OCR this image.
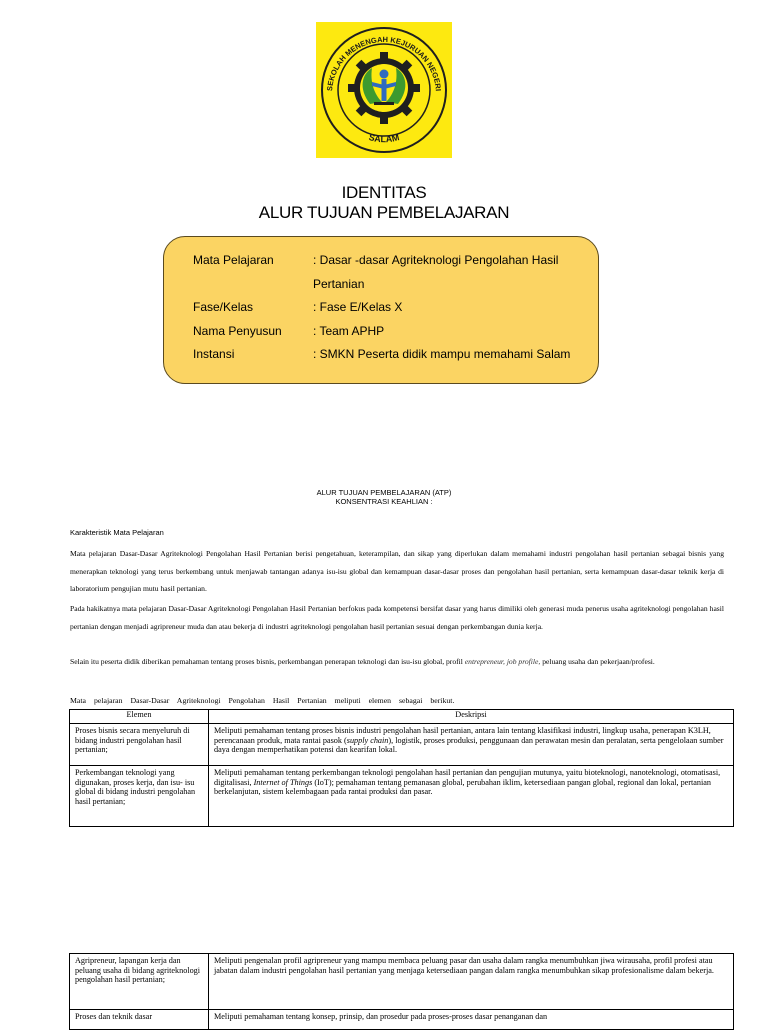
SEKOLAH MENENGAH KEJURUAN NEGERI
SALAM
IDENTITAS
ALUR TUJUAN PEMBELAJARAN
Mata Pelajaran	: Dasar -dasar Agriteknologi Pengolahan Hasil
Pertanian
Fase/Kelas	: Fase E/Kelas X
Nama Penyusun	: Team APHP
Instansi	: SMKN Peserta didik mampu memahami Salam
ALUR TUJUAN PEMBELAJARAN (ATP)
KONSENTRASI KEAHLIAN :
Karakteristik Mata Pelajaran

Mata pelajaran Dasar-Dasar Agriteknologi Pengolahan Hasil Pertanian berisi pengetahuan, keterampilan, dan sikap yang diperlukan dalam memahami industri pengolahan hasil pertanian sebagai bisnis yang menerapkan teknologi yang terus berkembang untuk menjawab tantangan adanya isu-isu global dan kemampuan dasar-dasar proses dan pengolahan hasil pertanian, serta kemampuan dasar-dasar teknik kerja di laboratorium pengujian mutu hasil pertanian.

Pada hakikatnya mata pelajaran Dasar-Dasar Agriteknologi Pengolahan Hasil Pertanian berfokus pada kompetensi bersifat dasar yang harus dimiliki oleh generasi muda penerus usaha agriteknologi pengolahan hasil pertanian dengan menjadi agripreneur muda dan atau bekerja di industri agriteknologi pengolahan hasil pertanian sesuai dengan perkembangan dunia kerja.

Selain itu peserta didik diberikan pemahaman tentang proses bisnis, perkembangan penerapan teknologi dan isu-isu global, profil entrepreneur, job profile, peluang usaha dan pekerjaan/profesi.

Mata pelajaran Dasar-Dasar Agriteknologi Pengolahan Hasil Pertanian meliputi elemen sebagai berikut.
Elemen	Deskripsi
Proses bisnis secara menyeluruh di bidang industri pengolahan hasil pertanian;	Meliputi pemahaman tentang proses bisnis industri pengolahan hasil pertanian, antara lain tentang klasifikasi industri, lingkup usaha, penerapan K3LH, perencanaan produk, mata rantai pasok (supply chain), logistik, proses produksi, penggunaan dan perawatan mesin dan peralatan, serta pengelolaan sumber daya dengan memperhatikan potensi dan kearifan lokal.
Perkembangan teknologi yang digunakan, proses kerja, dan isu- isu global di bidang industri pengolahan hasil pertanian;	Meliputi pemahaman tentang perkembangan teknologi pengolahan hasil pertanian dan pengujian mutunya, yaitu bioteknologi, nanoteknologi, otomatisasi, digitalisasi, Internet of Things (IoT); pemahaman tentang pemanasan global, perubahan iklim, ketersediaan pangan global, regional dan lokal, pertanian berkelanjutan, sistem kelembagaan pada rantai produksi dan pasar.
Agripreneur, lapangan kerja dan peluang usaha di bidang agriteknologi pengolahan hasil pertanian;	Meliputi pengenalan profil agripreneur yang mampu membaca peluang pasar dan usaha dalam rangka menumbuhkan jiwa wirausaha, profil profesi atau jabatan dalam industri pengolahan hasil pertanian yang menjaga ketersediaan pangan dalam rangka menumbuhkan sikap profesionalisme dalam bekerja.
Proses dan teknik dasar	Meliputi pemahaman tentang konsep, prinsip, dan prosedur pada proses-proses dasar penanganan dan
